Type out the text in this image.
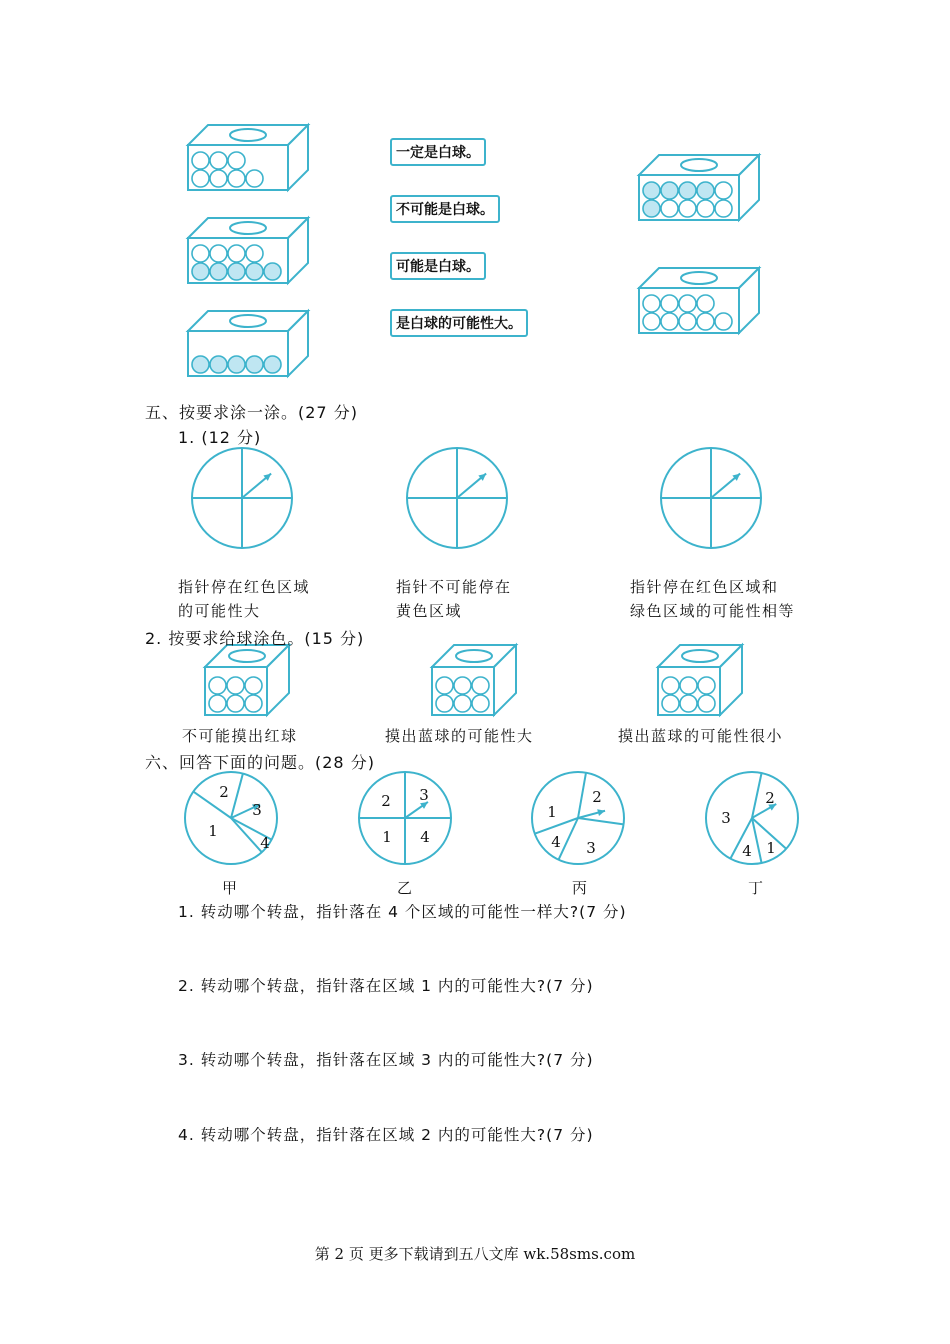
1
2
3
4
2 3
1 4
1
2
4 3
3
2
4 1
一定是白球。
不可能是白球。
可能是白球。
是白球的可能性大。
五、按要求涂一涂。(27 分)
1. (12 分)
指针停在红色区域
的可能性大
指针不可能停在
黄色区域
指针停在红色区域和
绿色区域的可能性相等
2. 按要求给球涂色。(15 分)
不可能摸出红球	摸出蓝球的可能性大	摸出蓝球的可能性很小
六、回答下面的问题。(28 分)
甲	乙	丙	丁
1. 转动哪个转盘，指针落在 4 个区域的可能性一样大?(7 分)
2. 转动哪个转盘，指针落在区域 1 内的可能性大?(7 分)
3. 转动哪个转盘，指针落在区域 3 内的可能性大?(7 分)
4. 转动哪个转盘，指针落在区域 2 内的可能性大?(7 分)
第 2 页 更多下载请到五八文库 wk.58sms.com
